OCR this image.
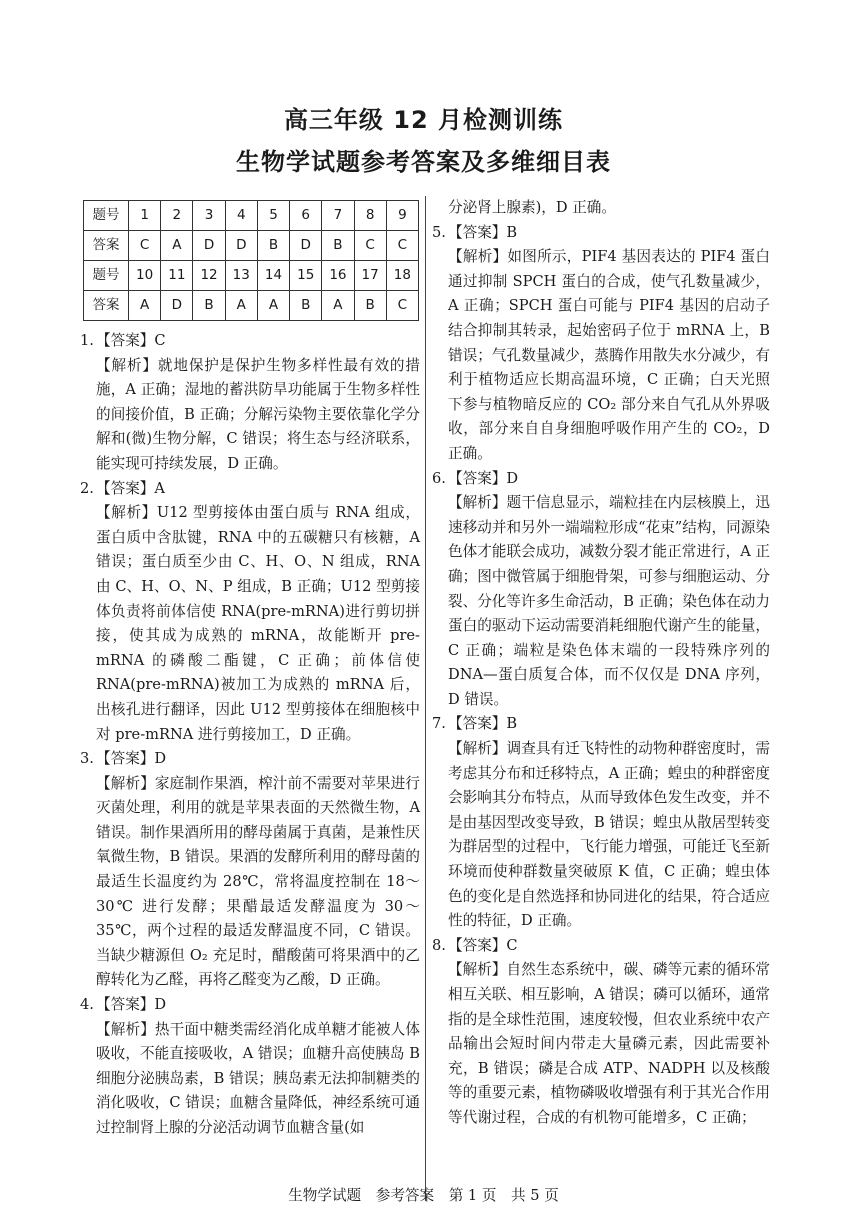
高三年级 12 月检测训练
生物学试题参考答案及多维细目表
题号	1	2	3	4	5	6	7	8	9
答案	C	A	D	D	B	D	B	C	C
题号	10	11	12	13	14	15	16	17	18
答案	A	D	B	A	A	B	A	B	C
1. 【答案】C
【解析】就地保护是保护生物多样性最有效的措施，A 正确；湿地的蓄洪防旱功能属于生物多样性的间接价值，B 正确；分解污染物主要依靠化学分解和(微)生物分解，C 错误；将生态与经济联系，能实现可持续发展，D 正确。
2. 【答案】A
【解析】U12 型剪接体由蛋白质与 RNA 组成，蛋白质中含肽键，RNA 中的五碳糖只有核糖，A 错误；蛋白质至少由 C、H、O、N 组成，RNA 由 C、H、O、N、P 组成，B 正确；U12 型剪接体负责将前体信使 RNA(pre-mRNA)进行剪切拼接，使其成为成熟的 mRNA，故能断开 pre-mRNA 的磷酸二酯键，C 正确；前体信使 RNA(pre-mRNA)被加工为成熟的 mRNA 后，出核孔进行翻译，因此 U12 型剪接体在细胞核中对 pre-mRNA 进行剪接加工，D 正确。
3. 【答案】D
【解析】家庭制作果酒，榨汁前不需要对苹果进行灭菌处理，利用的就是苹果表面的天然微生物，A 错误。制作果酒所用的酵母菌属于真菌，是兼性厌氧微生物，B 错误。果酒的发酵所利用的酵母菌的最适生长温度约为 28℃，常将温度控制在 18～30℃ 进行发酵；果醋最适发酵温度为 30～35℃，两个过程的最适发酵温度不同，C 错误。当缺少糖源但 O₂ 充足时，醋酸菌可将果酒中的乙醇转化为乙醛，再将乙醛变为乙酸，D 正确。
4. 【答案】D
【解析】热干面中糖类需经消化成单糖才能被人体吸收，不能直接吸收，A 错误；血糖升高使胰岛 B 细胞分泌胰岛素，B 错误；胰岛素无法抑制糖类的消化吸收，C 错误；血糖含量降低，神经系统可通过控制肾上腺的分泌活动调节血糖含量(如
分泌肾上腺素)，D 正确。
5. 【答案】B
【解析】如图所示，PIF4 基因表达的 PIF4 蛋白通过抑制 SPCH 蛋白的合成，使气孔数量减少，A 正确；SPCH 蛋白可能与 PIF4 基因的启动子结合抑制其转录，起始密码子位于 mRNA 上，B 错误；气孔数量减少，蒸腾作用散失水分减少，有利于植物适应长期高温环境，C 正确；白天光照下参与植物暗反应的 CO₂ 部分来自气孔从外界吸收，部分来自自身细胞呼吸作用产生的 CO₂，D 正确。
6. 【答案】D
【解析】题干信息显示，端粒挂在内层核膜上，迅速移动并和另外一端端粒形成“花束”结构，同源染色体才能联会成功，减数分裂才能正常进行，A 正确；图中微管属于细胞骨架，可参与细胞运动、分裂、分化等许多生命活动，B 正确；染色体在动力蛋白的驱动下运动需要消耗细胞代谢产生的能量，C 正确；端粒是染色体末端的一段特殊序列的 DNA—蛋白质复合体，而不仅仅是 DNA 序列，D 错误。
7. 【答案】B
【解析】调查具有迁飞特性的动物种群密度时，需考虑其分布和迁移特点，A 正确；蝗虫的种群密度会影响其分布特点，从而导致体色发生改变，并不是由基因型改变导致，B 错误；蝗虫从散居型转变为群居型的过程中，飞行能力增强，可能迁飞至新环境而使种群数量突破原 K 值，C 正确；蝗虫体色的变化是自然选择和协同进化的结果，符合适应性的特征，D 正确。
8. 【答案】C
【解析】自然生态系统中，碳、磷等元素的循环常相互关联、相互影响，A 错误；磷可以循环，通常指的是全球性范围，速度较慢，但农业系统中农产品输出会短时间内带走大量磷元素，因此需要补充，B 错误；磷是合成 ATP、NADPH 以及核酸等的重要元素，植物磷吸收增强有利于其光合作用等代谢过程，合成的有机物可能增多，C 正确；
生物学试题　参考答案　第 1 页　共 5 页
